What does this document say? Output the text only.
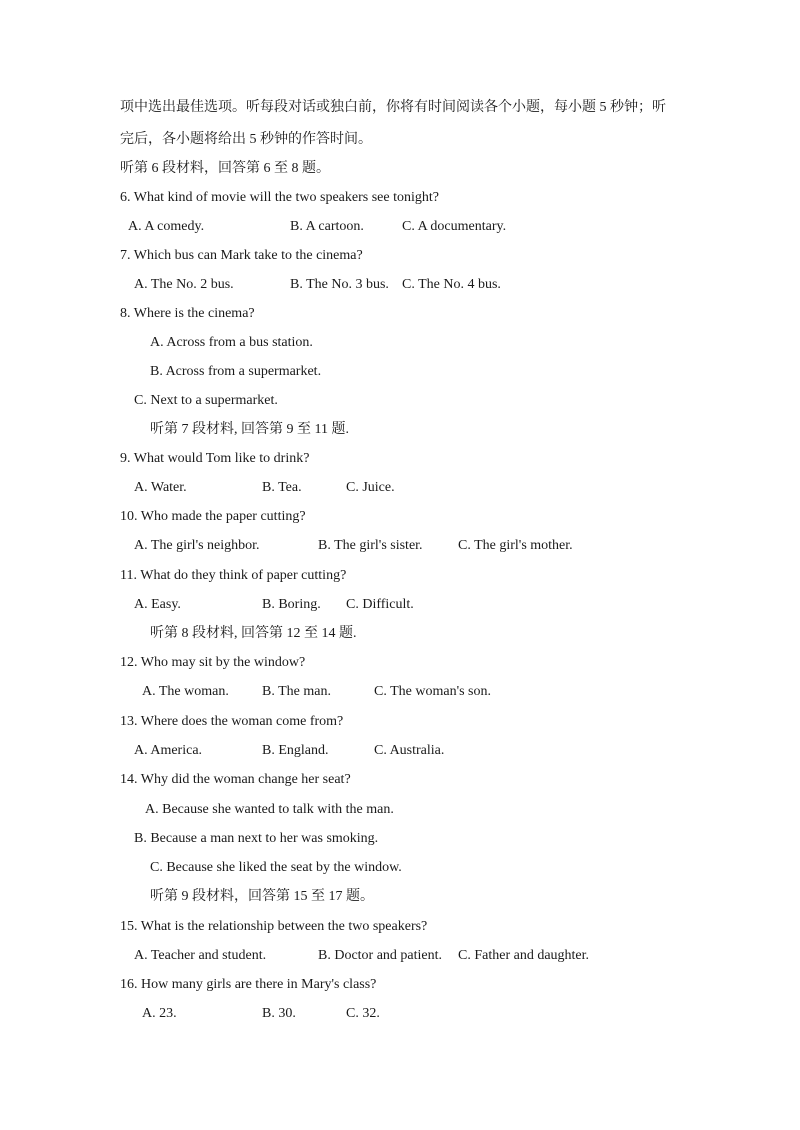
项中选出最佳选项。听每段对话或独白前，你将有时间阅读各个小题，每小题 5 秒钟；听
完后，各小题将给出 5 秒钟的作答时间。
听第 6 段材料，回答第 6 至 8 题。
6. What kind of movie will the two speakers see tonight?
A. A comedy.	B. A cartoon.	C. A documentary.
7. Which bus can Mark take to the cinema?
A. The No. 2 bus.	B. The No. 3 bus. C. The No. 4 bus.
8. Where is the cinema?
A. Across from a bus station.
B. Across from a supermarket.
C. Next to a supermarket.
听第 7 段材料, 回答第 9 至 11 题.
9. What would Tom like to drink?
A. Water.	B. Tea.	C. Juice.
10. Who made the paper cutting?
A. The girl's neighbor.	B. The girl's sister.	C. The girl's mother.
11. What do they think of paper cutting?
A. Easy.	B. Boring. C. Difficult.
听第 8 段材料, 回答第 12 至 14 题.
12. Who may sit by the window?
A. The woman. B. The man.	C. The woman's son.
13. Where does the woman come from?
A. America.	B. England.	C. Australia.
14. Why did the woman change her seat?
A. Because she wanted to talk with the man.
B. Because a man next to her was smoking.
C. Because she liked the seat by the window.
听第 9 段材料，回答第 15 至 17 题。
15. What is the relationship between the two speakers?
A. Teacher and student.	B. Doctor and patient. C. Father and daughter.
16. How many girls are there in Mary's class?
A. 23.	B. 30.	C. 32.
